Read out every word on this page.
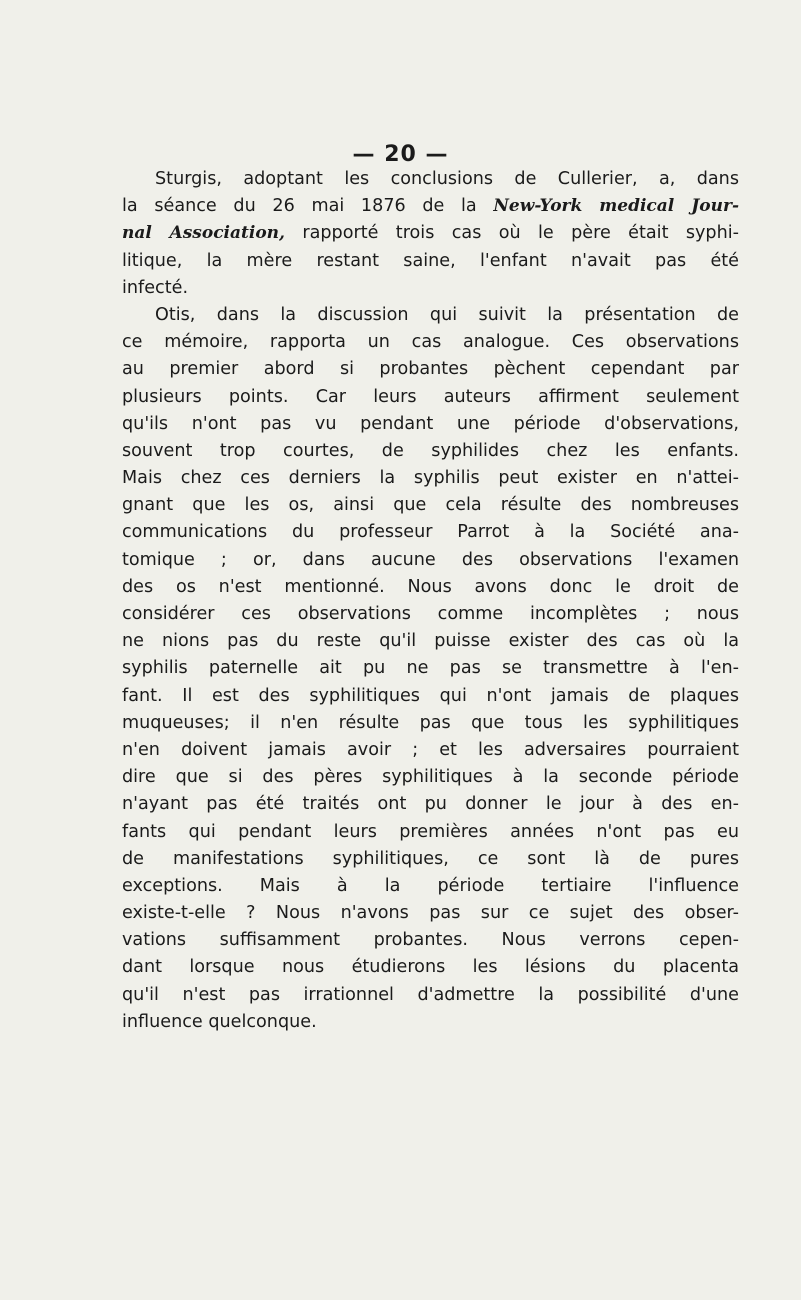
— 20 —
Sturgis, adoptant les conclusions de Cullerier, a, dans
la séance du 26 mai 1876 de la New-York medical Jour-
nal Association, rapporté trois cas où le père était syphi-
litique, la mère restant saine, l'enfant n'avait pas été
infecté.
Otis, dans la discussion qui suivit la présentation de
ce mémoire, rapporta un cas analogue. Ces observations
au premier abord si probantes pèchent cependant par
plusieurs points. Car leurs auteurs affirment seulement
qu'ils n'ont pas vu pendant une période d'observations,
souvent trop courtes, de syphilides chez les enfants.
Mais chez ces derniers la syphilis peut exister en n'attei-
gnant que les os, ainsi que cela résulte des nombreuses
communications du professeur Parrot à la Société ana-
tomique ; or, dans aucune des observations l'examen
des os n'est mentionné. Nous avons donc le droit de
considérer ces observations comme incomplètes ; nous
ne nions pas du reste qu'il puisse exister des cas où la
syphilis paternelle ait pu ne pas se transmettre à l'en-
fant. Il est des syphilitiques qui n'ont jamais de plaques
muqueuses; il n'en résulte pas que tous les syphilitiques
n'en doivent jamais avoir ; et les adversaires pourraient
dire que si des pères syphilitiques à la seconde période
n'ayant pas été traités ont pu donner le jour à des en-
fants qui pendant leurs premières années n'ont pas eu
de manifestations syphilitiques, ce sont là de pures
exceptions. Mais à la période tertiaire l'influence
existe-t-elle ? Nous n'avons pas sur ce sujet des obser-
vations suffisamment probantes. Nous verrons cepen-
dant lorsque nous étudierons les lésions du placenta
qu'il n'est pas irrationnel d'admettre la possibilité d'une
influence quelconque.
